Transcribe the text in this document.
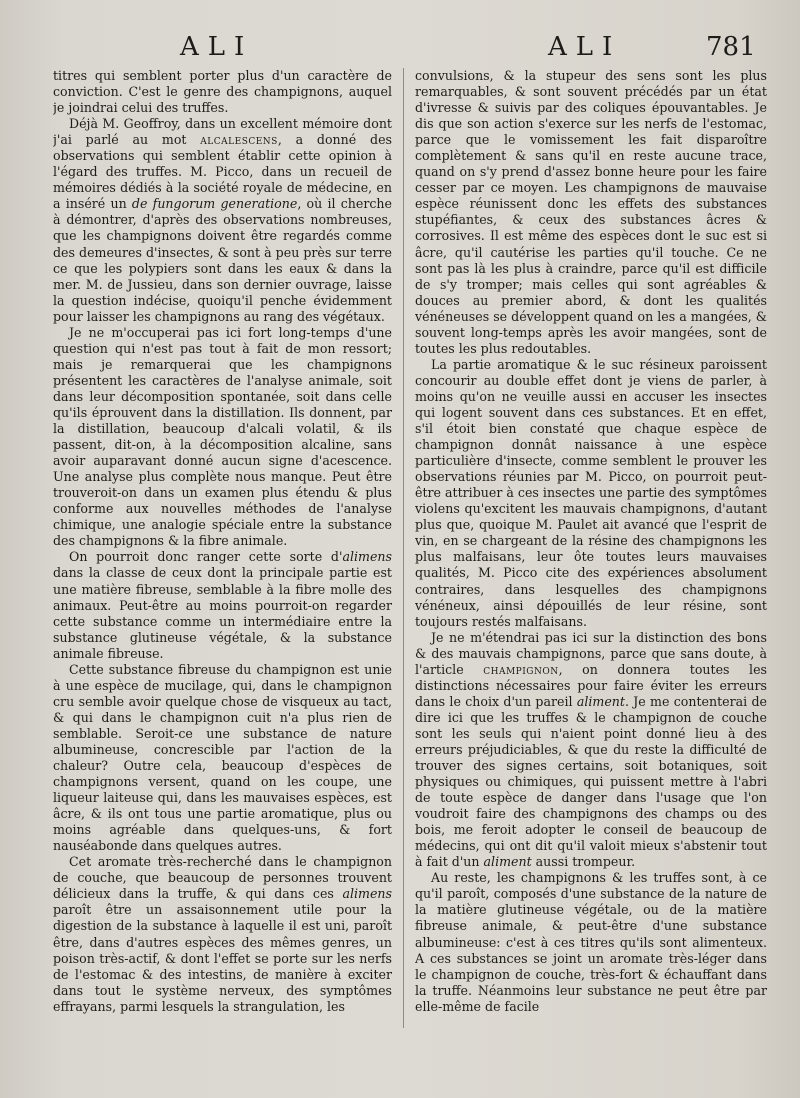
ALI	ALI	781

titres qui semblent porter plus d'un caractère de conviction. C'est le genre des champignons, auquel je joindrai celui des truffes.

Déjà M. Geoffroy, dans un excellent mémoire dont j'ai parlé au mot alcalescens, a donné des observations qui semblent établir cette opinion à l'égard des truffes. M. Picco, dans un recueil de mémoires dédiés à la société royale de médecine, en a inséré un de fungorum generatione, où il cherche à démontrer, d'après des observations nombreuses, que les champignons doivent être regardés comme des demeures d'insectes, & sont à peu près sur terre ce que les polypiers sont dans les eaux & dans la mer. M. de Jussieu, dans son dernier ouvrage, laisse la question indécise, quoiqu'il penche évidemment pour laisser les champignons au rang des végétaux.

Je ne m'occuperai pas ici fort long-temps d'une question qui n'est pas tout à fait de mon ressort; mais je remarquerai que les champignons présentent les caractères de l'analyse animale, soit dans leur décomposition spontanée, soit dans celle qu'ils éprouvent dans la distillation. Ils donnent, par la distillation, beaucoup d'alcali volatil, & ils passent, dit-on, à la décomposition alcaline, sans avoir auparavant donné aucun signe d'acescence. Une analyse plus complète nous manque. Peut être trouveroit-on dans un examen plus étendu & plus conforme aux nouvelles méthodes de l'analyse chimique, une analogie spéciale entre la substance des champignons & la fibre animale.

On pourroit donc ranger cette sorte d'alimens dans la classe de ceux dont la principale partie est une matière fibreuse, semblable à la fibre molle des animaux. Peut-être au moins pourroit-on regarder cette substance comme un intermédiaire entre la substance glutineuse végétale, & la substance animale fibreuse.

Cette substance fibreuse du champignon est unie à une espèce de mucilage, qui, dans le champignon cru semble avoir quelque chose de visqueux au tact, & qui dans le champignon cuit n'a plus rien de semblable. Seroit-ce une substance de nature albumineuse, concrescible par l'action de la chaleur? Outre cela, beaucoup d'espèces de champignons versent, quand on les coupe, une liqueur laiteuse qui, dans les mauvaises espèces, est âcre, & ils ont tous une partie aromatique, plus ou moins agréable dans quelques-uns, & fort nauséabonde dans quelques autres.

Cet aromate très-recherché dans le champignon de couche, que beaucoup de personnes trouvent délicieux dans la truffe, & qui dans ces alimens paroît être un assaisonnement utile pour la digestion de la substance à laquelle il est uni, paroît être, dans d'autres espèces des mêmes genres, un poison très-actif, & dont l'effet se porte sur les nerfs de l'estomac & des intestins, de manière à exciter dans tout le système nerveux, des symptômes effrayans, parmi lesquels la strangulation, les

convulsions, & la stupeur des sens sont les plus remarquables, & sont souvent précédés par un état d'ivresse & suivis par des coliques épouvantables. Je dis que son action s'exerce sur les nerfs de l'estomac, parce que le vomissement les fait disparoître complètement & sans qu'il en reste aucune trace, quand on s'y prend d'assez bonne heure pour les faire cesser par ce moyen. Les champignons de mauvaise espèce réunissent donc les effets des substances stupéfiantes, & ceux des substances âcres & corrosives. Il est même des espèces dont le suc est si âcre, qu'il cautérise les parties qu'il touche. Ce ne sont pas là les plus à craindre, parce qu'il est difficile de s'y tromper; mais celles qui sont agréables & douces au premier abord, & dont les qualités vénéneuses se développent quand on les a mangées, & souvent long-temps après les avoir mangées, sont de toutes les plus redoutables.

La partie aromatique & le suc résineux paroissent concourir au double effet dont je viens de parler, à moins qu'on ne veuille aussi en accuser les insectes qui logent souvent dans ces substances. Et en effet, s'il étoit bien constaté que chaque espèce de champignon donnât naissance à une espèce particulière d'insecte, comme semblent le prouver les observations réunies par M. Picco, on pourroit peut-être attribuer à ces insectes une partie des symptômes violens qu'excitent les mauvais champignons, d'autant plus que, quoique M. Paulet ait avancé que l'esprit de vin, en se chargeant de la résine des champignons les plus malfaisans, leur ôte toutes leurs mauvaises qualités, M. Picco cite des expériences absolument contraires, dans lesquelles des champignons vénéneux, ainsi dépouillés de leur résine, sont toujours restés malfaisans.

Je ne m'étendrai pas ici sur la distinction des bons & des mauvais champignons, parce que sans doute, à l'article champignon, on donnera toutes les distinctions nécessaires pour faire éviter les erreurs dans le choix d'un pareil aliment. Je me contenterai de dire ici que les truffes & le champignon de couche sont les seuls qui n'aient point donné lieu à des erreurs préjudiciables, & que du reste la difficulté de trouver des signes certains, soit botaniques, soit physiques ou chimiques, qui puissent mettre à l'abri de toute espèce de danger dans l'usage que l'on voudroit faire des champignons des champs ou des bois, me feroit adopter le conseil de beaucoup de médecins, qui ont dit qu'il valoit mieux s'abstenir tout à fait d'un aliment aussi trompeur.

Au reste, les champignons & les truffes sont, à ce qu'il paroît, composés d'une substance de la nature de la matière glutineuse végétale, ou de la matière fibreuse animale, & peut-être d'une substance albumineuse: c'est à ces titres qu'ils sont alimenteux. A ces substances se joint un aromate très-léger dans le champignon de couche, très-fort & échauffant dans la truffe. Néanmoins leur substance ne peut être par elle-même de facile
